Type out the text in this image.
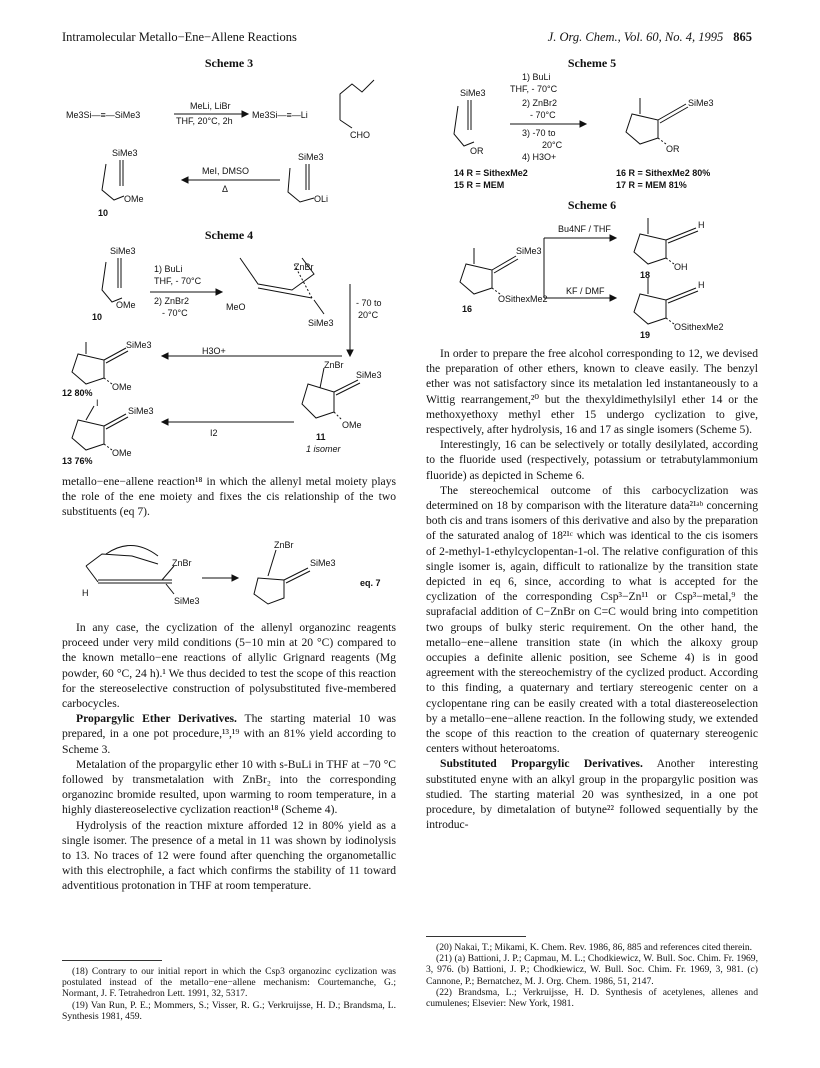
Intramolecular Metallo−Ene−Allene Reactions	J. Org. Chem., Vol. 60, No. 4, 1995 865
Scheme 3
Me3Si—≡—SiMe3
MeLi, LiBr
THF, 20°C, 2h
Me3Si—≡—Li
CHO
SiMe3
OLi
MeI, DMSO
Δ
SiMe3
OMe
10
Scheme 4
SiMe3
OMe
10
1) BuLi
THF, - 70°C
2) ZnBr2
- 70°C
ZnBr
MeO
SiMe3
- 70 to
20°C
SiMe3
ZnBr
OMe
11
1 isomer
SiMe3
OMe
12 80%
H3O+
SiMe3
I
OMe
I2
13 76%

metallo−ene−allene reaction¹⁸ in which the allenyl metal moiety plays the role of the ene moiety and fixes the cis relationship of the two substituents (eq 7).

ZnBr
H
SiMe3
SiMe3
ZnBr
eq. 7

In any case, the cyclization of the allenyl organozinc reagents proceed under very mild conditions (5−10 min at 20 °C) compared to the known metallo−ene reactions of allylic Grignard reagents (Mg powder, 60 °C, 24 h).¹ We thus decided to test the scope of this reaction for the stereoselective construction of polysubstituted five-membered carbocycles.

Propargylic Ether Derivatives. The starting material 10 was prepared, in a one pot procedure,¹³,¹⁹ with an 81% yield according to Scheme 3.

Metalation of the propargylic ether 10 with s-BuLi in THF at −70 °C followed by transmetalation with ZnBr₂ into the corresponding organozinc bromide resulted, upon warming to room temperature, in a highly diastereoselective cyclization reaction¹⁸ (Scheme 4).

Hydrolysis of the reaction mixture afforded 12 in 80% yield as a single isomer. The presence of a metal in 11 was shown by iodinolysis to 13. No traces of 12 were found after quenching the organometallic with this electrophile, a fact which confirms the stability of 11 toward adventitious protonation in THF at room temperature.

(18) Contrary to our initial report in which the Csp3 organozinc cyclization was postulated instead of the metallo−ene−allene mechanism: Courtemanche, G.; Normant, J. F. Tetrahedron Lett. 1991, 32, 5317.

(19) Van Run, P. E.; Mommers, S.; Visser, R. G.; Verkruijsse, H. D.; Brandsma, L. Synthesis 1981, 459.

Scheme 5
SiMe3
OR
1) BuLi
THF, - 70°C
2) ZnBr2
- 70°C
3) -70 to
20°C
4) H3O+
SiMe3
OR
14 R = SithexMe2
15 R = MEM
16 R = SithexMe2 80%
17 R = MEM 81%
Scheme 6
SiMe3
OSithexMe2
16
Bu4NF / THF
KF / DMF
H
OH
18
H
OSithexMe2
19

In order to prepare the free alcohol corresponding to 12, we devised the preparation of other ethers, known to cleave easily. The benzyl ether was not satisfactory since its metalation led instantaneously to a Wittig rearrangement,²⁰ but the thexyldimethylsilyl ether 14 or the methoxyethoxy methyl ether 15 undergo cyclization to give, respectively, after hydrolysis, 16 and 17 as single isomers (Scheme 5).

Interestingly, 16 can be selectively or totally desilylated, according to the fluoride used (respectively, potassium or tetrabutylammonium fluoride) as depicted in Scheme 6.

The stereochemical outcome of this carbocyclization was determined on 18 by comparison with the literature data²¹ᵃᵇ concerning both cis and trans isomers of this derivative and also by the preparation of the saturated analog of 18²¹ᶜ which was identical to the cis isomers of 2-methyl-1-ethylcyclopentan-1-ol. The relative configuration of this single isomer is, again, difficult to rationalize by the transition state depicted in eq 6, since, according to what is accepted for the cyclization of the corresponding Csp³−Zn¹¹ or Csp³−metal,⁹ the suprafacial addition of C−ZnBr on C=C would bring into competition two groups of bulky steric requirement. On the other hand, the metallo−ene−allene transition state (in which the alkoxy group occupies a definite allenic position, see Scheme 4) is in good agreement with the stereochemistry of the cyclized product. According to this finding, a quaternary and tertiary stereogenic center on a cyclopentane ring can be easily created with a total diastereoselection by a metallo−ene−allene reaction. In the following study, we extended the scope of this reaction to the creation of quaternary stereogenic centers without heteroatoms.

Substituted Propargylic Derivatives. Another interesting substituted enyne with an alkyl group in the propargylic position was studied. The starting material 20 was synthesized, in a one pot procedure, by dimetalation of butyne²² followed sequentially by the introduc-

(20) Nakai, T.; Mikami, K. Chem. Rev. 1986, 86, 885 and references cited therein.

(21) (a) Battioni, J. P.; Capmau, M. L.; Chodkiewicz, W. Bull. Soc. Chim. Fr. 1969, 3, 976. (b) Battioni, J. P.; Chodkiewicz, W. Bull. Soc. Chim. Fr. 1969, 3, 981. (c) Cannone, P.; Bernatchez, M. J. Org. Chem. 1986, 51, 2147.

(22) Brandsma, L.; Verkruijsse, H. D. Synthesis of acetylenes, allenes and cumulenes; Elsevier: New York, 1981.
